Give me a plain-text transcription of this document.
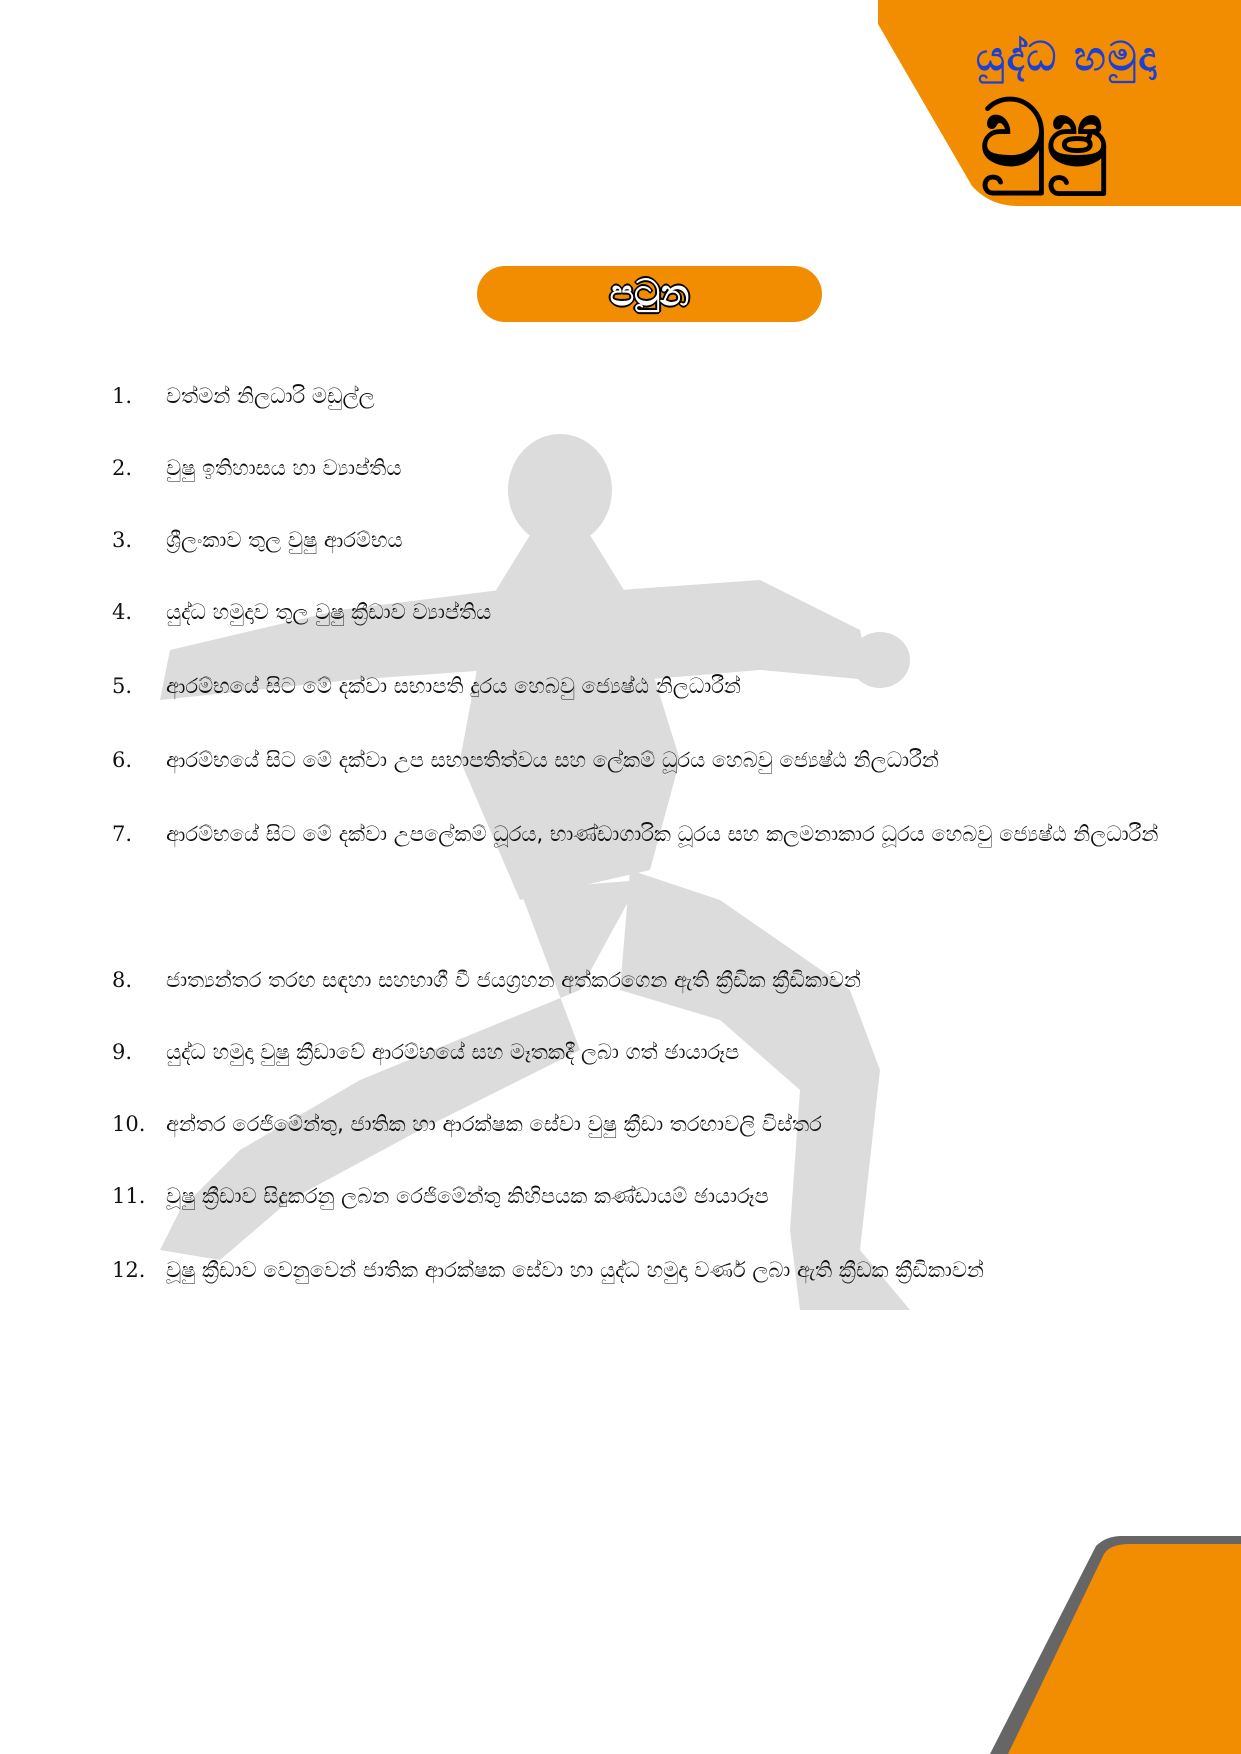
යුද්ධ හමුදා
වුෂු
පටුන
1. වත්මන් නිලධාරි මඩුල්ල
2. වුෂු ඉතිහාසය හා ව්‍යාප්තිය
3. ශ්‍රීලංකාව තුල වුෂු ආරම්භය
4. යුද්ධ හමුදාව තුල වුෂු ක්‍රීඩාව ව්‍යාප්තිය
5. ආරම්භයේ සිට මේ දක්වා සභාපති දුරය හෙබවු ජ්‍යෙෂ්ඨ නිලධාරීන්
6. ආරම්භයේ සිට මේ දක්වා උප සභාපතිත්වය සහ ලේකම් ධූරය හෙබවු ජ්‍යෙෂ්ඨ නිලධාරීන්
7. ආරම්භයේ සිට මේ දක්වා උපලේකම් ධූරය, භාණ්ඩාගාරික ධූරය සහ කලමනාකාර ධූරය හෙබවු ජ්‍යෙෂ්ඨ නිලධාරීන්
8. ජාත්‍යන්තර තරඟ සඳහා සහභාගී වී ජයග්‍රහන අත්කරගෙන ඇති ක්‍රීඩික ක්‍රීඩිකාවන්
9. යුද්ධ හමුදා වුෂු ක්‍රීඩාවේ ආරම්භයේ සහ මෑතකදී ලබා ගත් ඡායාරූප
10. අන්තර රෙජිමේන්තු, ජාතික හා ආරක්ෂක සේවා වුෂු ක්‍රීඩා තරඟාවලි විස්තර
11. වූෂු ක්‍රීඩාව සිදුකරනු ලබන රෙජිමේන්තු කිහිපයක කණ්ඩායම් ඡායාරූප
12. වූෂු ක්‍රීඩාව වෙනුවෙන් ජාතික ආරක්ෂක සේවා හා යුද්ධ හමුදා වර්ණ ලබා ඇති ක්‍රීඩක ක්‍රීඩිකාවන්
